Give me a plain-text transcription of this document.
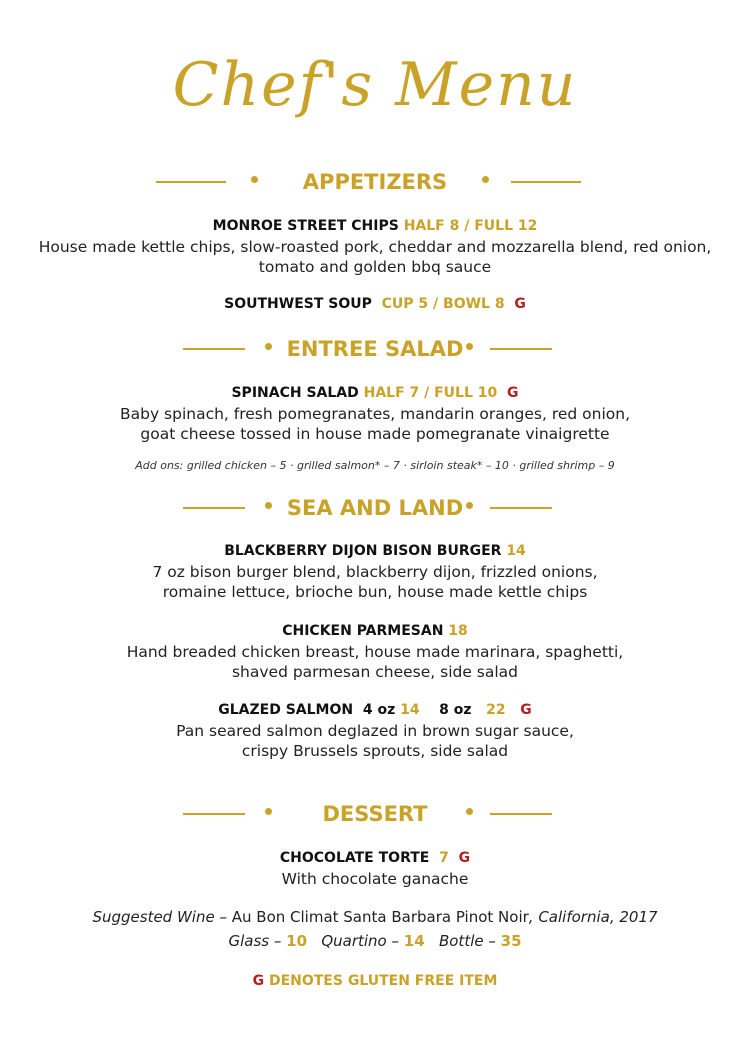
Chef's Menu
APPETIZERS
MONROE STREET CHIPS HALF 8 / FULL 12
House made kettle chips, slow-roasted pork, cheddar and mozzarella blend, red onion,
tomato and golden bbq sauce
SOUTHWEST SOUP CUP 5 / BOWL 8 G
ENTREE SALAD
SPINACH SALAD HALF 7 / FULL 10 G
Baby spinach, fresh pomegranates, mandarin oranges, red onion,
goat cheese tossed in house made pomegranate vinaigrette
Add ons: grilled chicken – 5 · grilled salmon* – 7 · sirloin steak* – 10 · grilled shrimp – 9
SEA AND LAND
BLACKBERRY DIJON BISON BURGER 14
7 oz bison burger blend, blackberry dijon, frizzled onions,
romaine lettuce, brioche bun, house made kettle chips
CHICKEN PARMESAN 18
Hand breaded chicken breast, house made marinara, spaghetti,
shaved parmesan cheese, side salad
GLAZED SALMON 4 oz 14 8 oz 22 G
Pan seared salmon deglazed in brown sugar sauce,
crispy Brussels sprouts, side salad
DESSERT
CHOCOLATE TORTE 7 G
With chocolate ganache
Suggested Wine – Au Bon Climat Santa Barbara Pinot Noir, California, 2017
Glass – 10 Quartino – 14 Bottle – 35
G DENOTES GLUTEN FREE ITEM
